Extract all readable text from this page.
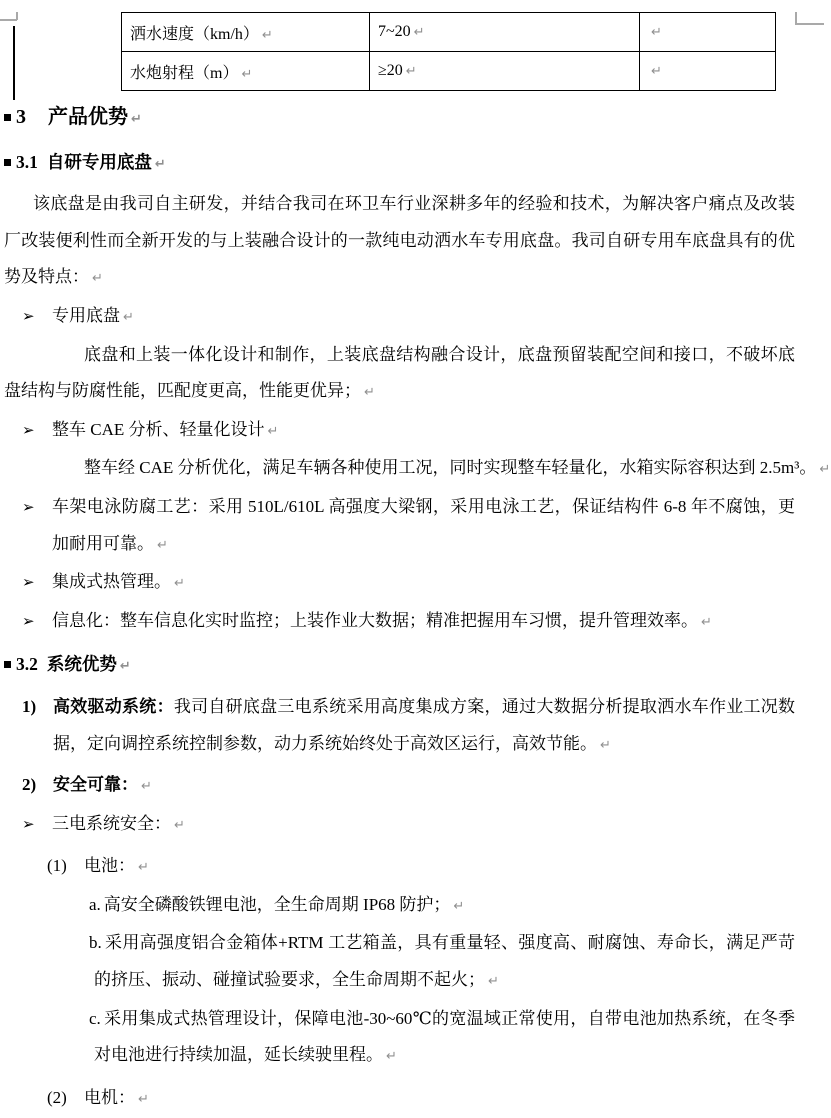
洒水速度（km/h） ↵	7~20 ↵	↵
水炮射程（m） ↵	≥20 ↵	↵

3 产品优势 ↵

3.1 自研专用底盘 ↵

该底盘是由我司自主研发，并结合我司在环卫车行业深耕多年的经验和技术，为解决客户痛点及改装厂改装便利性而全新开发的与上装融合设计的一款纯电动洒水车专用底盘。我司自研专用车底盘具有的优势及特点： ↵

➢ 专用底盘 ↵

底盘和上装一体化设计和制作，上装底盘结构融合设计，底盘预留装配空间和接口，不破坏底盘结构与防腐性能，匹配度更高，性能更优异； ↵

➢ 整车 CAE 分析、轻量化设计 ↵

整车经 CAE 分析优化，满足车辆各种使用工况，同时实现整车轻量化，水箱实际容积达到 2.5m³。 ↵

➢ 车架电泳防腐工艺：采用 510L/610L 高强度大梁钢，采用电泳工艺，保证结构件 6-8 年不腐蚀，更加耐用可靠。 ↵

➢ 集成式热管理。 ↵

➢ 信息化：整车信息化实时监控；上装作业大数据；精准把握用车习惯，提升管理效率。 ↵

3.2 系统优势 ↵

1) 高效驱动系统：我司自研底盘三电系统采用高度集成方案，通过大数据分析提取洒水车作业工况数据，定向调控系统控制参数，动力系统始终处于高效区运行，高效节能。 ↵

2) 安全可靠： ↵

➢ 三电系统安全： ↵

(1) 电池： ↵

a. 高安全磷酸铁锂电池，全生命周期 IP68 防护； ↵

b. 采用高强度铝合金箱体+RTM 工艺箱盖，具有重量轻、强度高、耐腐蚀、寿命长，满足严苛的挤压、振动、碰撞试验要求，全生命周期不起火； ↵

c. 采用集成式热管理设计，保障电池-30~60℃的宽温域正常使用，自带电池加热系统，在冬季对电池进行持续加温，延长续驶里程。 ↵

(2) 电机： ↵
